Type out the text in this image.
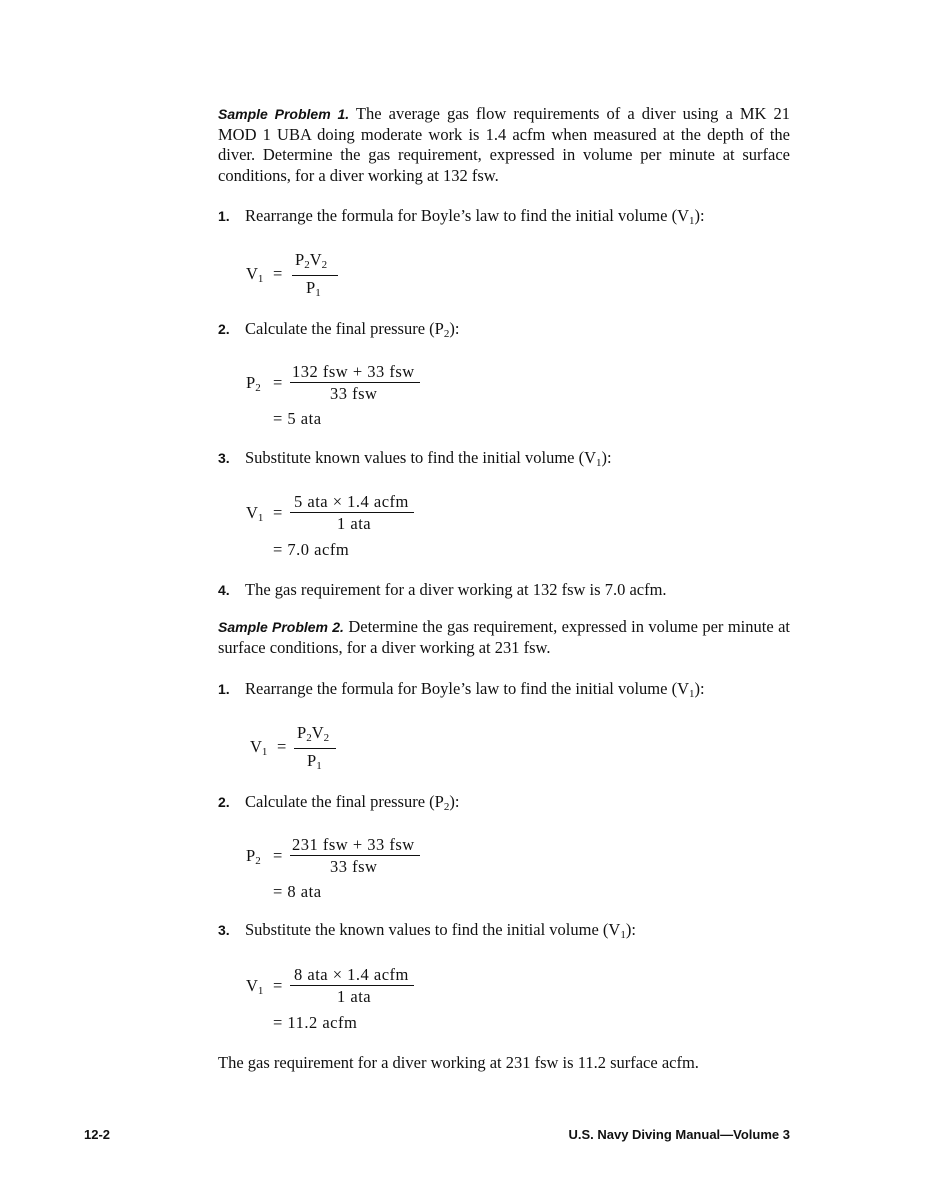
Sample Problem 1. The average gas flow requirements of a diver using a MK 21 MOD 1 UBA doing moderate work is 1.4 acfm when measured at the depth of the diver. Determine the gas requirement, expressed in volume per minute at surface conditions, for a diver working at 132 fsw.
1. Rearrange the formula for Boyle’s law to find the initial volume $(V_1)$:
$V_1$ =
$P_2V_2$
$P_1$
2. Calculate the final pressure $(P_2)$:
$P_2$ =
132 fsw + 33 fsw
33 fsw
= 5 ata
3. Substitute known values to find the initial volume $(V_1)$:
$V_1$ =
5 ata × 1.4 acfm
1 ata
= 7.0 acfm
4. The gas requirement for a diver working at 132 fsw is 7.0 acfm.
Sample Problem 2. Determine the gas requirement, expressed in volume per minute at surface conditions, for a diver working at 231 fsw.
1. Rearrange the formula for Boyle’s law to find the initial volume $(V_1)$:
$V_1$ =
$P_2V_2$
$P_1$
2. Calculate the final pressure $(P_2)$:
$P_2$ =
231 fsw + 33 fsw
33 fsw
= 8 ata
3. Substitute the known values to find the initial volume $(V_1)$:
$V_1$ =
8 ata × 1.4 acfm
1 ata
= 11.2 acfm
The gas requirement for a diver working at 231 fsw is 11.2 surface acfm.
12-2	U.S. Navy Diving Manual—Volume 3
